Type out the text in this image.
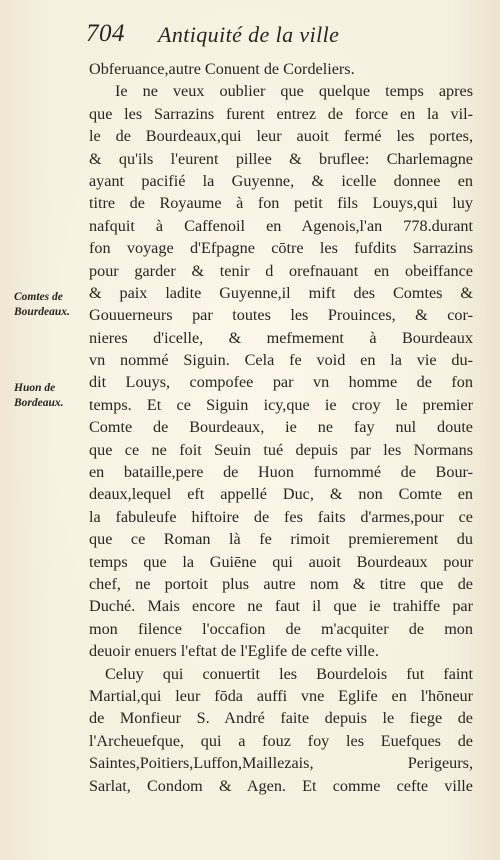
704 Antiquité de la ville
Comtes de
Bourdeaux.
Huon de
Bordeaux.
Obferuance,autre Conuent de Cordeliers.
Ie ne veux oublier que quelque temps apres
que les Sarrazins furent entrez de force en la vil-
le de Bourdeaux,qui leur auoit fermé les portes,
& qu'ils l'eurent pillee & bruflee: Charlemagne
ayant pacifié la Guyenne, & icelle donnee en
titre de Royaume à fon petit fils Louys,qui luy
nafquit à Caffenoil en Agenois,l'an 778.durant
fon voyage d'Efpagne cōtre les fufdits Sarrazins
pour garder & tenir d orefnauant en obeiffance
& paix ladite Guyenne,il mift des Comtes &
Gouuerneurs par toutes les Prouinces, & cor-
nieres d'icelle, & mefmement à Bourdeaux
vn nommé Siguin. Cela fe void en la vie du-
dit Louys, compofee par vn homme de fon
temps. Et ce Siguin icy,que ie croy le premier
Comte de Bourdeaux, ie ne fay nul doute
que ce ne foit Seuin tué depuis par les Normans
en bataille,pere de Huon furnommé de Bour-
deaux,lequel eft appellé Duc, & non Comte en
la fabuleufe hiftoire de fes faits d'armes,pour ce
que ce Roman là fe rimoit premierement du
temps que la Guiēne qui auoit Bourdeaux pour
chef, ne portoit plus autre nom & titre que de
Duché. Mais encore ne faut il que ie trahiffe par
mon filence l'occafion de m'acquiter de mon
deuoir enuers l'eftat de l'Eglife de cefte ville.
Celuy qui conuertit les Bourdelois fut faint
Martial,qui leur fōda auffi vne Eglife en l'hōneur
de Monfieur S. André faite depuis le fiege de
l'Archeuefque, qui a fouz foy les Euefques de
Saintes,Poitiers,Luffon,Maillezais, Perigeurs,
Sarlat, Condom & Agen. Et comme cefte ville
